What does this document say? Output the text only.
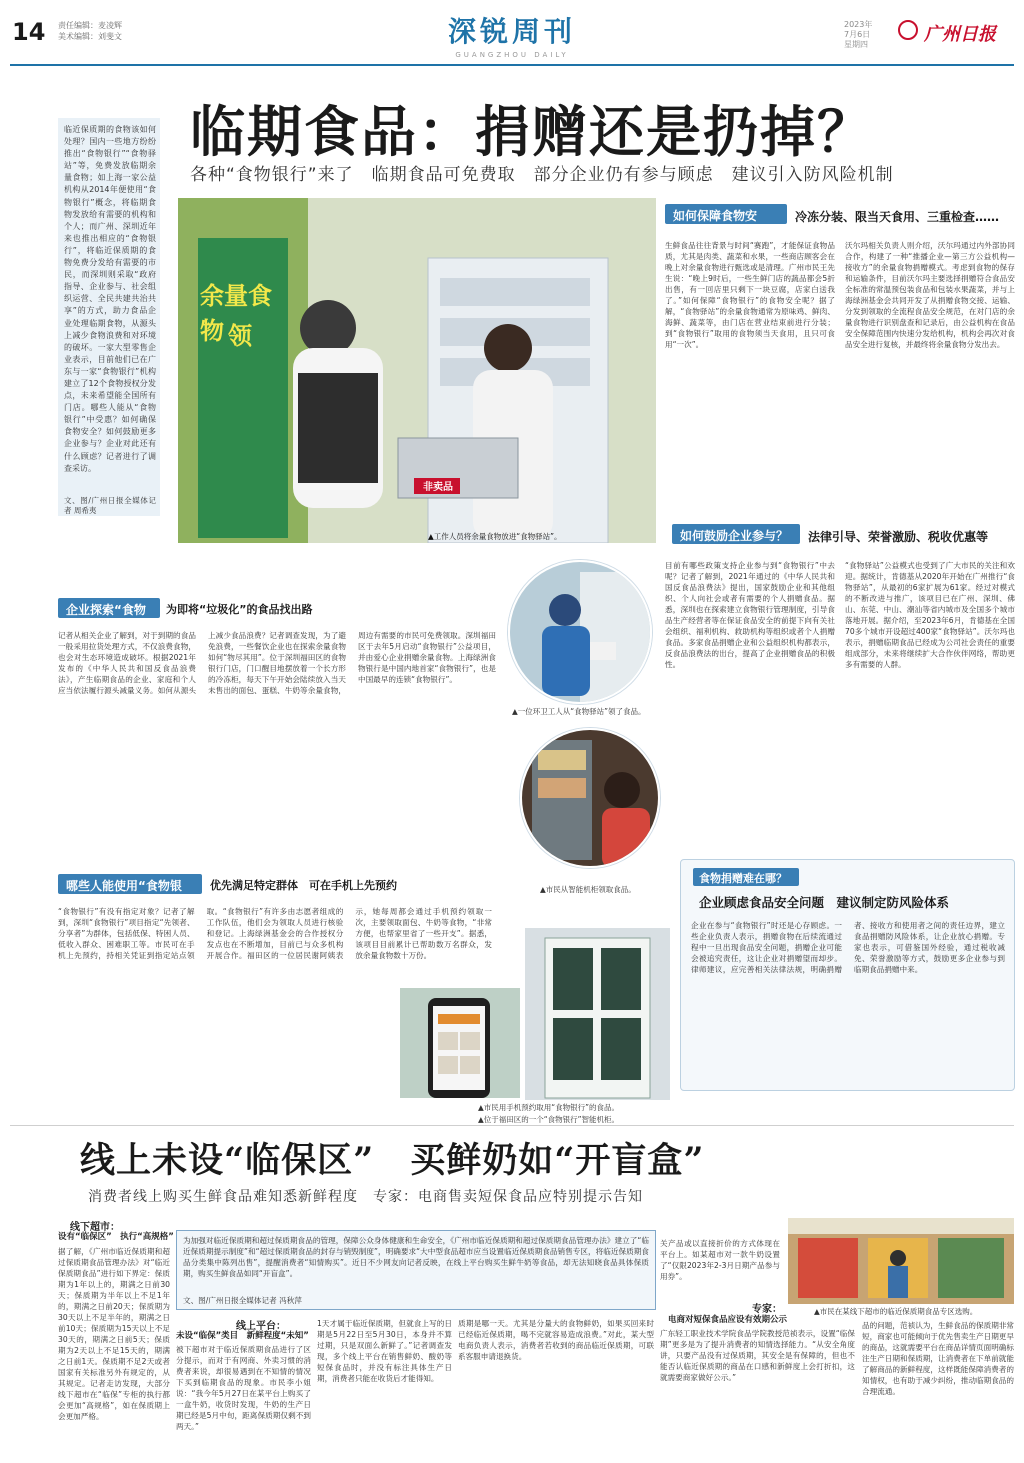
14 责任编辑：麦凌辉
美术编辑：刘斐文	深锐周刊
GUANGZHOU DAILY
2023年
7月6日
星期四	广州日报
临期食品：捐赠还是扔掉？
各种“食物银行”来了　临期食品可免费取　部分企业仍有参与顾虑　建议引入防风险机制
临近保质期的食物该如何处理？国内一些地方纷纷推出“食物银行”“食物驿站”等，免费发放临期余量食物；如上海一家公益机构从2014年便使用“食物银行”概念，将临期食物发放给有需要的机构和个人；而广州、深圳近年来也推出相应的“食物银行”，将临近保质期的食物免费分发给有需要的市民，而深圳则采取“政府指导、企业参与、社会组织运营、全民共建共治共享”的方式，助力食品企业处理临期食物，从源头上减少食物浪费和对环境的破坏。一家大型零售企业表示，目前他们已在广东与一家“食物银行”机构建立了12个食物授权分发点，未来希望能全国所有门店。哪些人能从“食物银行”中受惠？如何确保食物安全？如何鼓励更多企业参与？企业对此还有什么顾虑？记者进行了调查采访。
文、图/广州日报全媒体记者 周希夷
余量食物 领
非卖品
▲工作人员将余量食物放进“食物驿站”。
如何保障食物安全？
冷冻分装、限当天食用、三重检查……
生鲜食品往往背景与时间“赛跑”，才能保证食物品质，尤其是肉类、蔬菜和水果，一些商店顾客会在晚上对余量食物进行甄选或是清理。广州市民王先生说：“晚上9时后，一些生鲜门店的蔬品都会5折出售，有一回店里只剩下一块豆腐，店家白送我了。”如何保障“食物银行”的食物安全呢？据了解，“食物驿站”的余量食物通常为原味鸡、鲜肉、海鲜、蔬菜等，由门店在营业结束前进行分装；到“食物银行”取用的食物须当天食用，且只可食用“一次”。
沃尔玛相关负责人则介绍，沃尔玛通过内外部协同合作，构建了一种“推播企业—第三方公益机构—接收方”的余量食物捐赠模式。考虑到食物的保存和运输条件，目前沃尔玛主要选择捐赠符合食品安全标准的常温预包装食品和包装水果蔬菜，并与上海绿洲基金会共同开发了从捐赠食物交接、运输、分发到领取的全流程食品安全规范，在对门店的余量食物进行识别盘查和记录后，由公益机构在食品安全保障范围内快速分发给机构，机构会再次对食品安全进行复核，并最终将余量食物分发出去。
如何鼓励企业参与？	法律引导、荣誉激励、税收优惠等
目前有哪些政策支持企业参与到“食物银行”中去呢？记者了解到，2021年通过的《中华人民共和国反食品浪费法》提出，国家鼓励企业和其他组织、个人向社会或者有需要的个人捐赠食品。据悉，深圳也在探索建立食物银行管理制度，引导食品生产经营者等在保证食品安全的前提下向有关社会组织、福利机构、救助机构等组织或者个人捐赠食品。多家食品捐赠企业和公益组织机构都表示，反食品浪费法的出台，提高了企业捐赠食品的积极性。
“食物驿站”公益模式也受到了广大市民的关注和欢迎。据统计，肯德基从2020年开始在广州推行“食物驿站”，从最初的6家扩展为61家。经过对模式的不断改进与推广，该项目已在广州、深圳、佛山、东莞、中山、潮汕等省内城市及全国多个城市落地开展。据介绍，至2023年6月，肯德基在全国70多个城市开设超过400家“食物驿站”。沃尔玛也表示，捐赠临期食品已经成为公司社会责任的重要组成部分，未来将继续扩大合作伙伴网络，帮助更多有需要的人群。
企业探索“食物银行”
为即将“垃圾化”的食品找出路
记者从相关企业了解到，对于到期的食品一般采用拉货处理方式，不仅浪费食物，也会对生态环境造成破坏。根据2021年发布的《中华人民共和国反食品浪费法》，产生临期食品的企业、家庭和个人应当依法履行源头减量义务。如何从源头上减少食品浪费？记者调查发现，为了避免浪费，一些餐饮企业也在探索余量食物如何“物尽其用”。位于深圳福田区的食物银行门店，门口醒目地摆放着一个长方形的冷冻柜，每天下午开始会陆续放入当天未售出的面包、蛋糕、牛奶等余量食物，周边有需要的市民可免费领取。深圳福田区于去年5月启动“食物银行”公益项目，并由爱心企业捐赠余量食物。上海绿洲食物银行是中国内地首家“食物银行”，也是中国最早的连锁“食物银行”。
▲一位环卫工人从“食物驿站”领了食品。
▲市民从智能机柜领取食品。
哪些人能使用“食物银行”？
优先满足特定群体　可在手机上先预约
“食物银行”有没有指定对象？记者了解到，深圳“食物银行”项目指定“先领者、分享者”为群体，包括低保、特困人员、低收入群众、困难职工等。市民可在手机上先预约，持相关凭证到指定站点领取。“食物银行”有许多由志愿者组成的工作队伍，他们会为领取人员进行核验和登记。上海绿洲基金会的合作授权分发点也在不断增加，目前已与众多机构开展合作。福田区的一位居民谢阿姨表示，她每周都会通过手机预约领取一次，主要领取面包、牛奶等食物，“非常方便，也帮家里省了一些开支”。据悉，该项目目前累计已帮助数万名群众，发放余量食物数十万份。
▲市民用手机预约取用“食物银行”的食品。
▲位于福田区的一个“食物银行”智能机柜。
食物捐赠难在哪？
企业顾虑食品安全问题　建议制定防风险体系
企业在参与“食物银行”时还是心存顾虑。一些企业负责人表示，捐赠食物在后续流通过程中一旦出现食品安全问题，捐赠企业可能会被追究责任，这让企业对捐赠望而却步。律师建议，应完善相关法律法规，明确捐赠者、接收方和使用者之间的责任边界，建立食品捐赠防风险体系，让企业放心捐赠。专家也表示，可借鉴国外经验，通过税收减免、荣誉激励等方式，鼓励更多企业参与到临期食品捐赠中来。
线上未设“临保区”　买鲜奶如“开盲盒”
消费者线上购买生鲜食品难知悉新鲜程度　专家：电商售卖短保食品应特别提示告知
线下超市：
设有“临保区”　执行“高规格”
据了解，《广州市临近保质期和超过保质期食品管理办法》对“临近保质期食品”进行如下界定：保质期为1年以上的，期满之日前30天；保质期为半年以上不足1年的，期满之日前20天；保质期为30天以上不足半年的，期满之日前10天；保质期为15天以上不足30天的，期满之日前5天；保质期为2天以上不足15天的，期满之日前1天。保质期不足2天或者国家有关标准另外有规定的，从其规定。记者走访发现，大部分线下超市在“临保”专柜的执行都会更加“高规格”，如在保质期上会更加严格。
为加强对临近保质期和超过保质期食品的管理，保障公众身体健康和生命安全，《广州市临近保质期和超过保质期食品管理办法》建立了“临近保质期提示制度”和“超过保质期食品的封存与销毁制度”，明确要求“大中型食品超市应当设置临近保质期食品销售专区，将临近保质期食品分类集中陈列出售”，提醒消费者“知情购买”。近日不少网友向记者反映，在线上平台购买生鲜牛奶等食品，却无法知晓食品具体保质期，购买生鲜食品如同“开盲盒”。
文、图/广州日报全媒体记者 冯秋萍
线上平台：
未设“临保”类目　新鲜程度“未知”
被下超市对于临近保质期食品进行了区分提示，而对于有网商、外卖习惯的消费者来说，却很易遇到在不知情的情况下买到临期食品的现象。市民李小姐说：“我今年5月27日在某平台上购买了一盒牛奶，收货时发现，牛奶的生产日期已经是5月中旬，距离保质期仅剩不到两天。”
1天才属于临近保质期，但就食上写的日期是5月22日至5月30日，本身并不算过期，只是双面么新鲜了。”记者调查发现，多个线上平台在销售鲜奶、酸奶等短保食品时，并没有标注具体生产日期，消费者只能在收货后才能得知。
质期是哪一天。尤其是分量大的食物鲜奶，如果买回来时已经临近保质期，喝不完就容易造成浪费。”对此，某大型电商负责人表示，消费者若收到的商品临近保质期，可联系客服申请退换货。
关产品或以直接折价的方式体现在平台上。如某超市对一款牛奶设置了“仅限2023年2-3月日期产品参与用券”。
专家：
电商对短保食品应设有效期公示
广东轻工职业技术学院食品学院教授范祯表示，设置“临保期”更多是为了提升消费者的知情选择能力。“从安全角度讲，只要产品没有过保质期，其安全是有保障的，但也不能否认临近保质期的商品在口感和新鲜度上会打折扣，这就需要商家做好公示。”
▲市民在某线下超市的临近保质期食品专区选购。
品的问题，范祯认为，生鲜食品的保质期非常短，商家也可能倾向于优先售卖生产日期更早的商品，这就需要平台在商品详情页面明确标注生产日期和保质期，让消费者在下单前就能了解商品的新鲜程度，这样既能保障消费者的知情权，也有助于减少纠纷，推动临期食品的合理流通。
